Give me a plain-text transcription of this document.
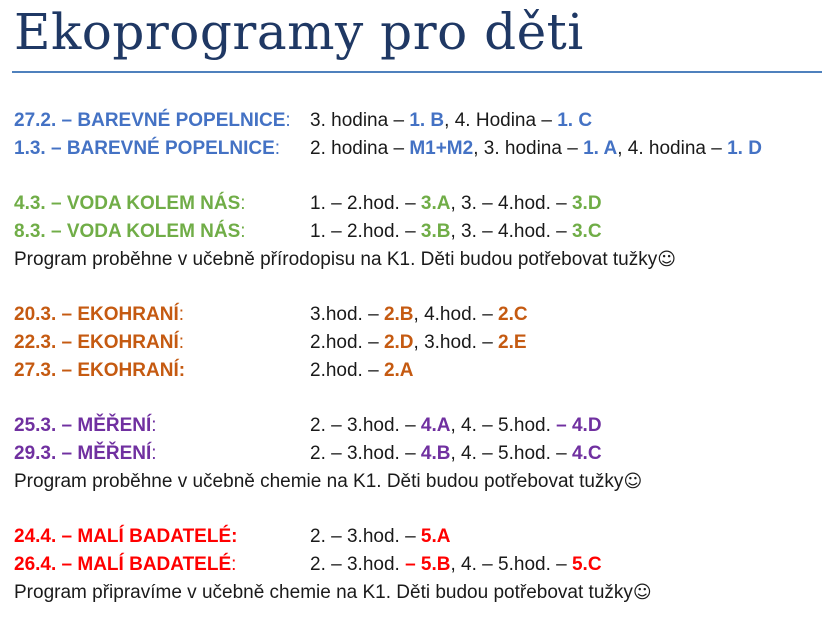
Ekoprogramy pro děti
27.2. – BAREVNÉ POPELNICE: 3. hodina – 1. B, 4. Hodina – 1. C
1.3. – BAREVNÉ POPELNICE: 2. hodina – M1+M2, 3. hodina – 1. A, 4. hodina – 1. D
4.3. – VODA KOLEM NÁS:	1. – 2.hod. – 3.A, 3. – 4.hod. – 3.D
8.3. – VODA KOLEM NÁS:	1. – 2.hod. – 3.B, 3. – 4.hod. – 3.C
Program proběhne v učebně přírodopisu na K1. Děti budou potřebovat tužky☺
20.3. – EKOHRANÍ:	3.hod. – 2.B, 4.hod. – 2.C
22.3. – EKOHRANÍ:	2.hod. – 2.D, 3.hod. – 2.E
27.3. – EKOHRANÍ:	2.hod. – 2.A
25.3. – MĚŘENÍ:	2. – 3.hod. – 4.A, 4. – 5.hod. – 4.D
29.3. – MĚŘENÍ:	2. – 3.hod. – 4.B, 4. – 5.hod. – 4.C
Program proběhne v učebně chemie na K1. Děti budou potřebovat tužky☺
24.4. – MALÍ BADATELÉ:	2. – 3.hod. – 5.A
26.4. – MALÍ BADATELÉ:	2. – 3.hod. – 5.B, 4. – 5.hod. – 5.C
Program připravíme v učebně chemie na K1. Děti budou potřebovat tužky☺
